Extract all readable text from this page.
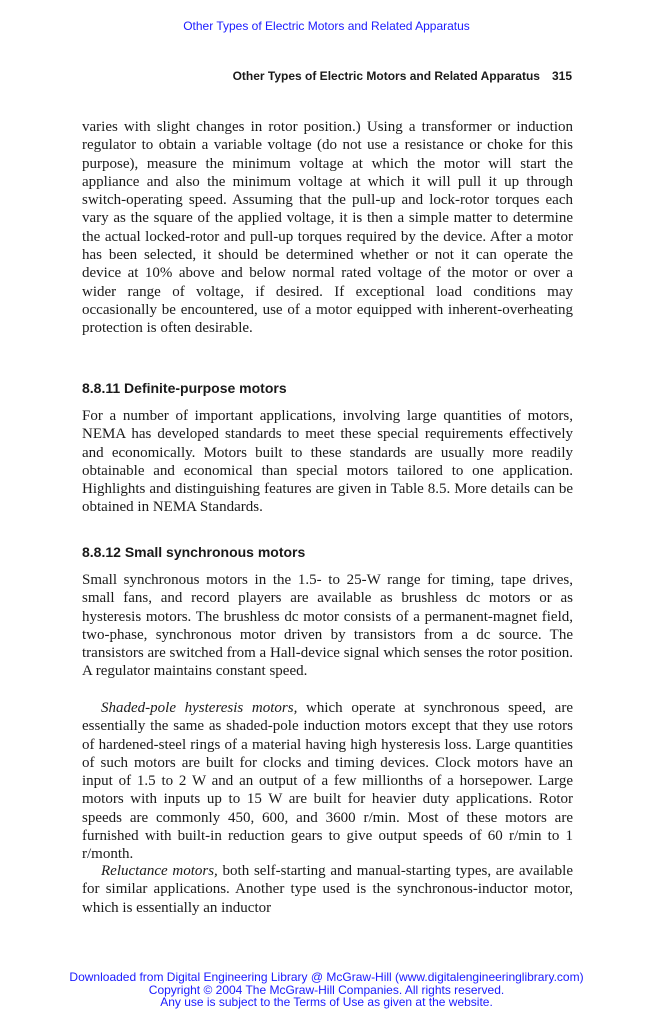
Other Types of Electric Motors and Related Apparatus
Other Types of Electric Motors and Related Apparatus 315

varies with slight changes in rotor position.) Using a transformer or induction regulator to obtain a variable voltage (do not use a resistance or choke for this purpose), measure the minimum voltage at which the motor will start the appliance and also the minimum voltage at which it will pull it up through switch-operating speed. Assuming that the pull-up and lock-rotor torques each vary as the square of the applied voltage, it is then a simple matter to determine the actual locked-rotor and pull-up torques required by the device. After a motor has been selected, it should be determined whether or not it can operate the device at 10% above and below normal rated voltage of the motor or over a wider range of voltage, if desired. If exceptional load conditions may occasionally be encountered, use of a motor equipped with inherent-overheating protection is often desirable.

8.8.11 Definite-purpose motors

For a number of important applications, involving large quantities of motors, NEMA has developed standards to meet these special requirements effectively and economically. Motors built to these standards are usually more readily obtainable and economical than special motors tailored to one application. Highlights and distinguishing features are given in Table 8.5. More details can be obtained in NEMA Standards.

8.8.12 Small synchronous motors

Small synchronous motors in the 1.5- to 25-W range for timing, tape drives, small fans, and record players are available as brushless dc motors or as hysteresis motors. The brushless dc motor consists of a permanent-magnet field, two-phase, synchronous motor driven by transistors from a dc source. The transistors are switched from a Hall-device signal which senses the rotor position. A regulator maintains constant speed.

Shaded-pole hysteresis motors, which operate at synchronous speed, are essentially the same as shaded-pole induction motors except that they use rotors of hardened-steel rings of a material having high hysteresis loss. Large quantities of such motors are built for clocks and timing devices. Clock motors have an input of 1.5 to 2 W and an output of a few millionths of a horsepower. Large motors with inputs up to 15 W are built for heavier duty applications. Rotor speeds are commonly 450, 600, and 3600 r/min. Most of these motors are furnished with built-in reduction gears to give output speeds of 60 r/min to 1 r/month.

Reluctance motors, both self-starting and manual-starting types, are available for similar applications. Another type used is the synchronous-inductor motor, which is essentially an inductor

Downloaded from Digital Engineering Library @ McGraw-Hill (www.digitalengineeringlibrary.com)
Copyright © 2004 The McGraw-Hill Companies. All rights reserved.
Any use is subject to the Terms of Use as given at the website.
